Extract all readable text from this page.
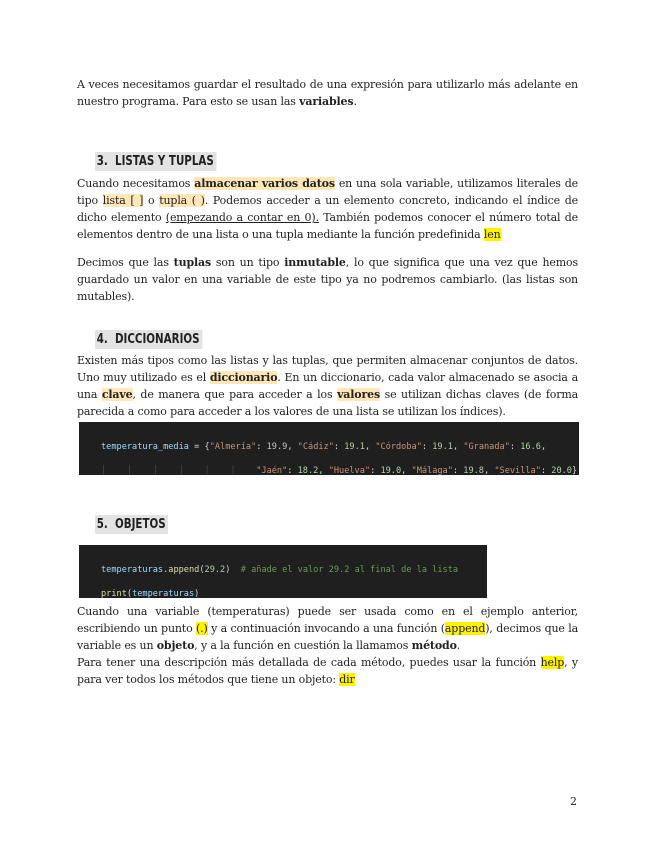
A veces necesitamos guardar el resultado de una expresión para utilizarlo más adelante en nuestro programa. Para esto se usan las variables.

3. LISTAS Y TUPLAS

Cuando necesitamos almacenar varios datos en una sola variable, utilizamos literales de tipo lista [ ] o tupla ( ). Podemos acceder a un elemento concreto, indicando el índice de dicho elemento (empezando a contar en 0). También podemos conocer el número total de elementos dentro de una lista o una tupla mediante la función predefinida len

Decimos que las tuplas son un tipo inmutable, lo que significa que una vez que hemos guardado un valor en una variable de este tipo ya no podremos cambiarlo. (las listas son mutables).

4. DICCIONARIOS

Existen más tipos como las listas y las tuplas, que permiten almacenar conjuntos de datos. Uno muy utilizado es el diccionario. En un diccionario, cada valor almacenado se asocia a una clave, de manera que para acceder a los valores se utilizan dichas claves (de forma parecida a como para acceder a los valores de una lista se utilizan los índices).

temperatura_media = {"Almería": 19.9, "Cádiz": 19.1, "Córdoba": 19.1, "Granada": 16.6,

│    │    │    │    │    │    "Jaén": 18.2, "Huelva": 19.0, "Málaga": 19.8, "Sevilla": 20.0}

5. OBJETOS

temperaturas.append(29.2)  # añade el valor 29.2 al final de la lista

print(temperaturas)

Cuando una variable (temperaturas) puede ser usada como en el ejemplo anterior, escribiendo un punto (.) y a continuación invocando a una función (append), decimos que la variable es un objeto, y a la función en cuestión la llamamos método.

Para tener una descripción más detallada de cada método, puedes usar la función help, y para ver todos los métodos que tiene un objeto: dir

2
